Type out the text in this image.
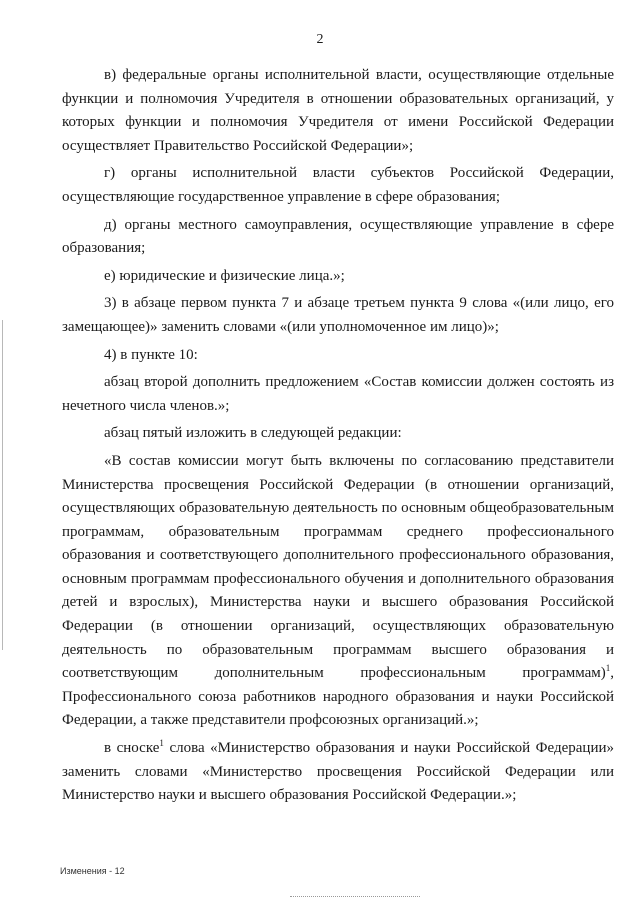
2

в) федеральные органы исполнительной власти, осуществляющие отдельные функции и полномочия Учредителя в отношении образовательных организаций, у которых функции и полномочия Учредителя от имени Российской Федерации осуществляет Правительство Российской Федерации»;

г) органы исполнительной власти субъектов Российской Федерации, осуществляющие государственное управление в сфере образования;

д) органы местного самоуправления, осуществляющие управление в сфере образования;

е) юридические и физические лица.»;

3) в абзаце первом пункта 7 и абзаце третьем пункта 9 слова «(или лицо, его замещающее)» заменить словами «(или уполномоченное им лицо)»;

4) в пункте 10:

абзац второй дополнить предложением «Состав комиссии должен состоять из нечетного числа членов.»;

абзац пятый изложить в следующей редакции:

«В состав комиссии могут быть включены по согласованию представители Министерства просвещения Российской Федерации (в отношении организаций, осуществляющих образовательную деятельность по основным общеобразовательным программам, образовательным программам среднего профессионального образования и соответствующего дополнительного профессионального образования, основным программам профессионального обучения и дополнительного образования детей и взрослых), Министерства науки и высшего образования Российской Федерации (в отношении организаций, осуществляющих образовательную деятельность по образовательным программам высшего образования и соответствующим дополнительным профессиональным программам)$^1$, Профессионального союза работников народного образования и науки Российской Федерации, а также представители профсоюзных организаций.»;

в сноске$^1$ слова «Министерство образования и науки Российской Федерации» заменить словами «Министерство просвещения Российской Федерации или Министерство науки и высшего образования Российской Федерации.»;

Изменения - 12
